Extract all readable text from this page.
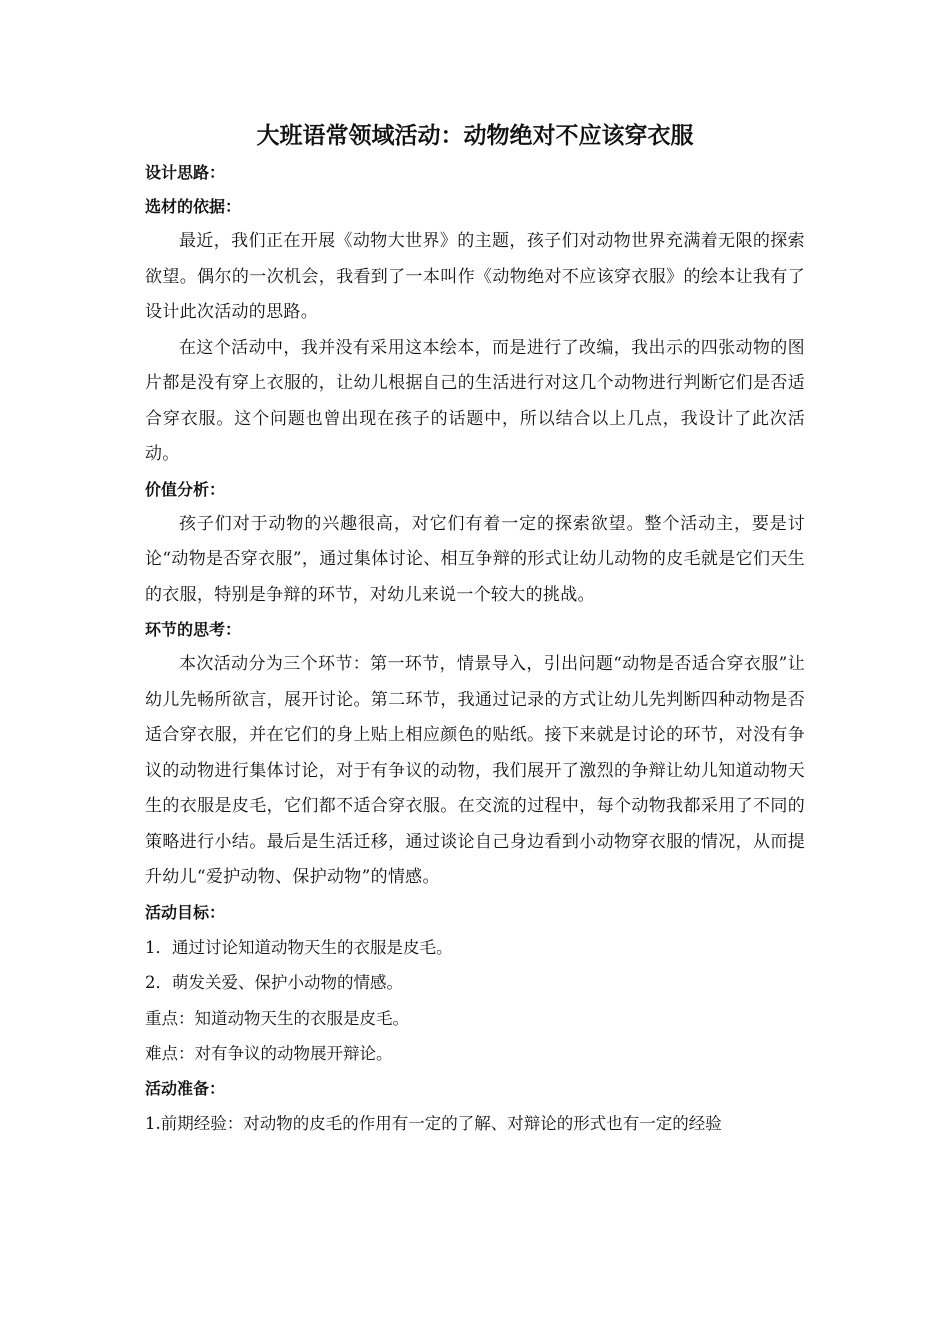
大班语常领域活动：动物绝对不应该穿衣服
设计思路：
选材的依据：

最近，我们正在开展《动物大世界》的主题，孩子们对动物世界充满着无限的探索欲望。偶尔的一次机会，我看到了一本叫作《动物绝对不应该穿衣服》的绘本让我有了设计此次活动的思路。

在这个活动中，我并没有采用这本绘本，而是进行了改编，我出示的四张动物的图片都是没有穿上衣服的，让幼儿根据自己的生活进行对这几个动物进行判断它们是否适合穿衣服。这个问题也曾出现在孩子的话题中，所以结合以上几点，我设计了此次活动。

价值分析：

孩子们对于动物的兴趣很高，对它们有着一定的探索欲望。整个活动主，要是讨论“动物是否穿衣服”，通过集体讨论、相互争辩的形式让幼儿动物的皮毛就是它们天生的衣服，特别是争辩的环节，对幼儿来说一个较大的挑战。

环节的思考：

本次活动分为三个环节：第一环节，情景导入，引出问题“动物是否适合穿衣服”让幼儿先畅所欲言，展开讨论。第二环节，我通过记录的方式让幼儿先判断四种动物是否适合穿衣服，并在它们的身上贴上相应颜色的贴纸。接下来就是讨论的环节，对没有争议的动物进行集体讨论，对于有争议的动物，我们展开了激烈的争辩让幼儿知道动物天生的衣服是皮毛，它们都不适合穿衣服。在交流的过程中，每个动物我都采用了不同的策略进行小结。最后是生活迁移，通过谈论自己身边看到小动物穿衣服的情况，从而提升幼儿“爱护动物、保护动物”的情感。

活动目标：
1．通过讨论知道动物天生的衣服是皮毛。
2．萌发关爱、保护小动物的情感。
重点：知道动物天生的衣服是皮毛。
难点：对有争议的动物展开辩论。
活动准备：
1.前期经验：对动物的皮毛的作用有一定的了解、对辩论的形式也有一定的经验
